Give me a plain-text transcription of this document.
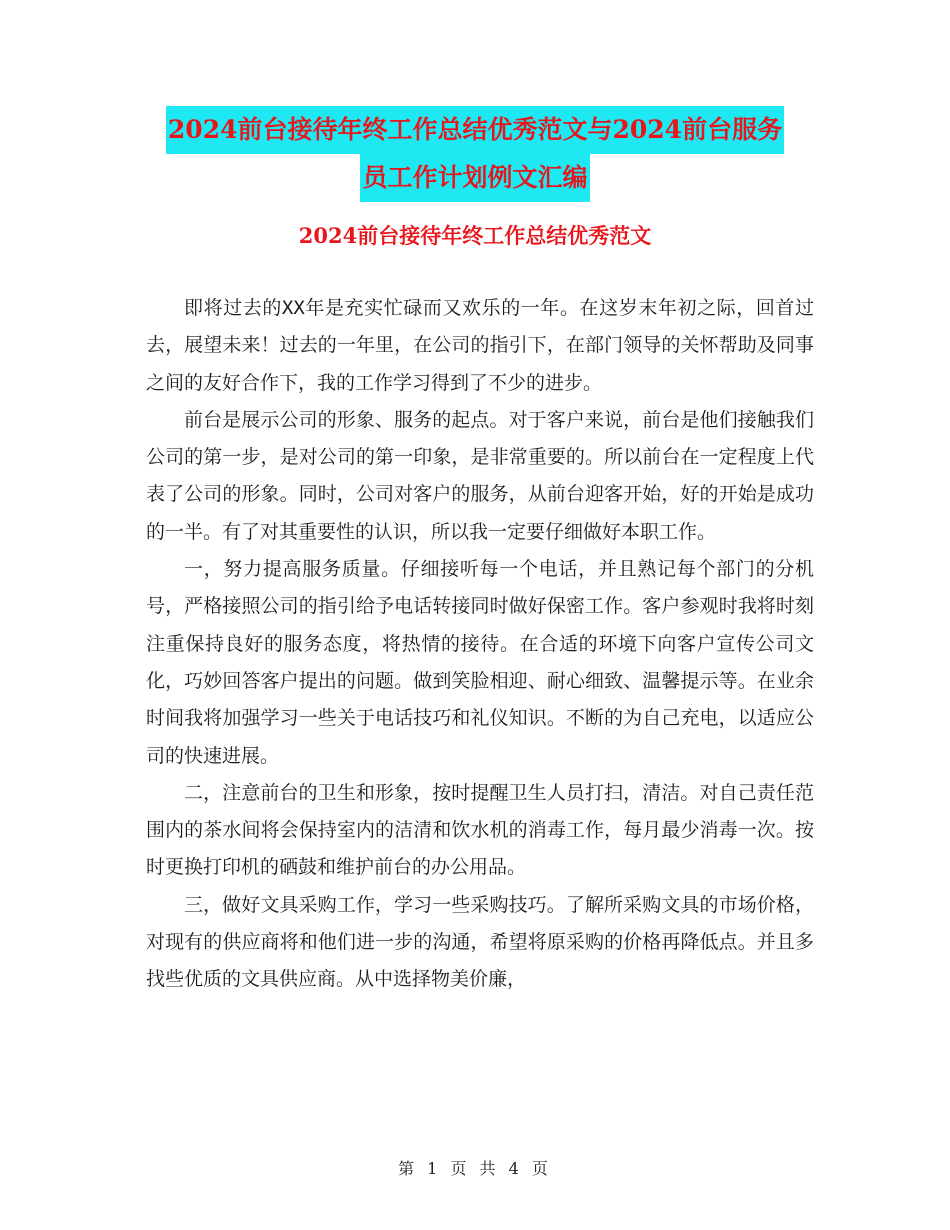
2024前台接待年终工作总结优秀范文与2024前台服务
员工作计划例文汇编
2024前台接待年终工作总结优秀范文

即将过去的XX年是充实忙碌而又欢乐的一年。在这岁末年初之际，回首过去，展望未来！过去的一年里，在公司的指引下，在部门领导的关怀帮助及同事之间的友好合作下，我的工作学习得到了不少的进步。

前台是展示公司的形象、服务的起点。对于客户来说，前台是他们接触我们公司的第一步，是对公司的第一印象，是非常重要的。所以前台在一定程度上代表了公司的形象。同时，公司对客户的服务，从前台迎客开始，好的开始是成功的一半。有了对其重要性的认识，所以我一定要仔细做好本职工作。

一，努力提高服务质量。仔细接听每一个电话，并且熟记每个部门的分机号，严格接照公司的指引给予电话转接同时做好保密工作。客户参观时我将时刻注重保持良好的服务态度，将热情的接待。在合适的环境下向客户宣传公司文化，巧妙回答客户提出的问题。做到笑脸相迎、耐心细致、温馨提示等。在业余时间我将加强学习一些关于电话技巧和礼仪知识。不断的为自己充电，以适应公司的快速进展。

二，注意前台的卫生和形象，按时提醒卫生人员打扫，清洁。对自己责任范围内的茶水间将会保持室内的洁清和饮水机的消毒工作，每月最少消毒一次。按时更换打印机的硒鼓和维护前台的办公用品。

三，做好文具采购工作，学习一些采购技巧。了解所采购文具的市场价格，对现有的供应商将和他们进一步的沟通，希望将原采购的价格再降低点。并且多找些优质的文具供应商。从中选择物美价廉，

第 1 页 共 4 页
